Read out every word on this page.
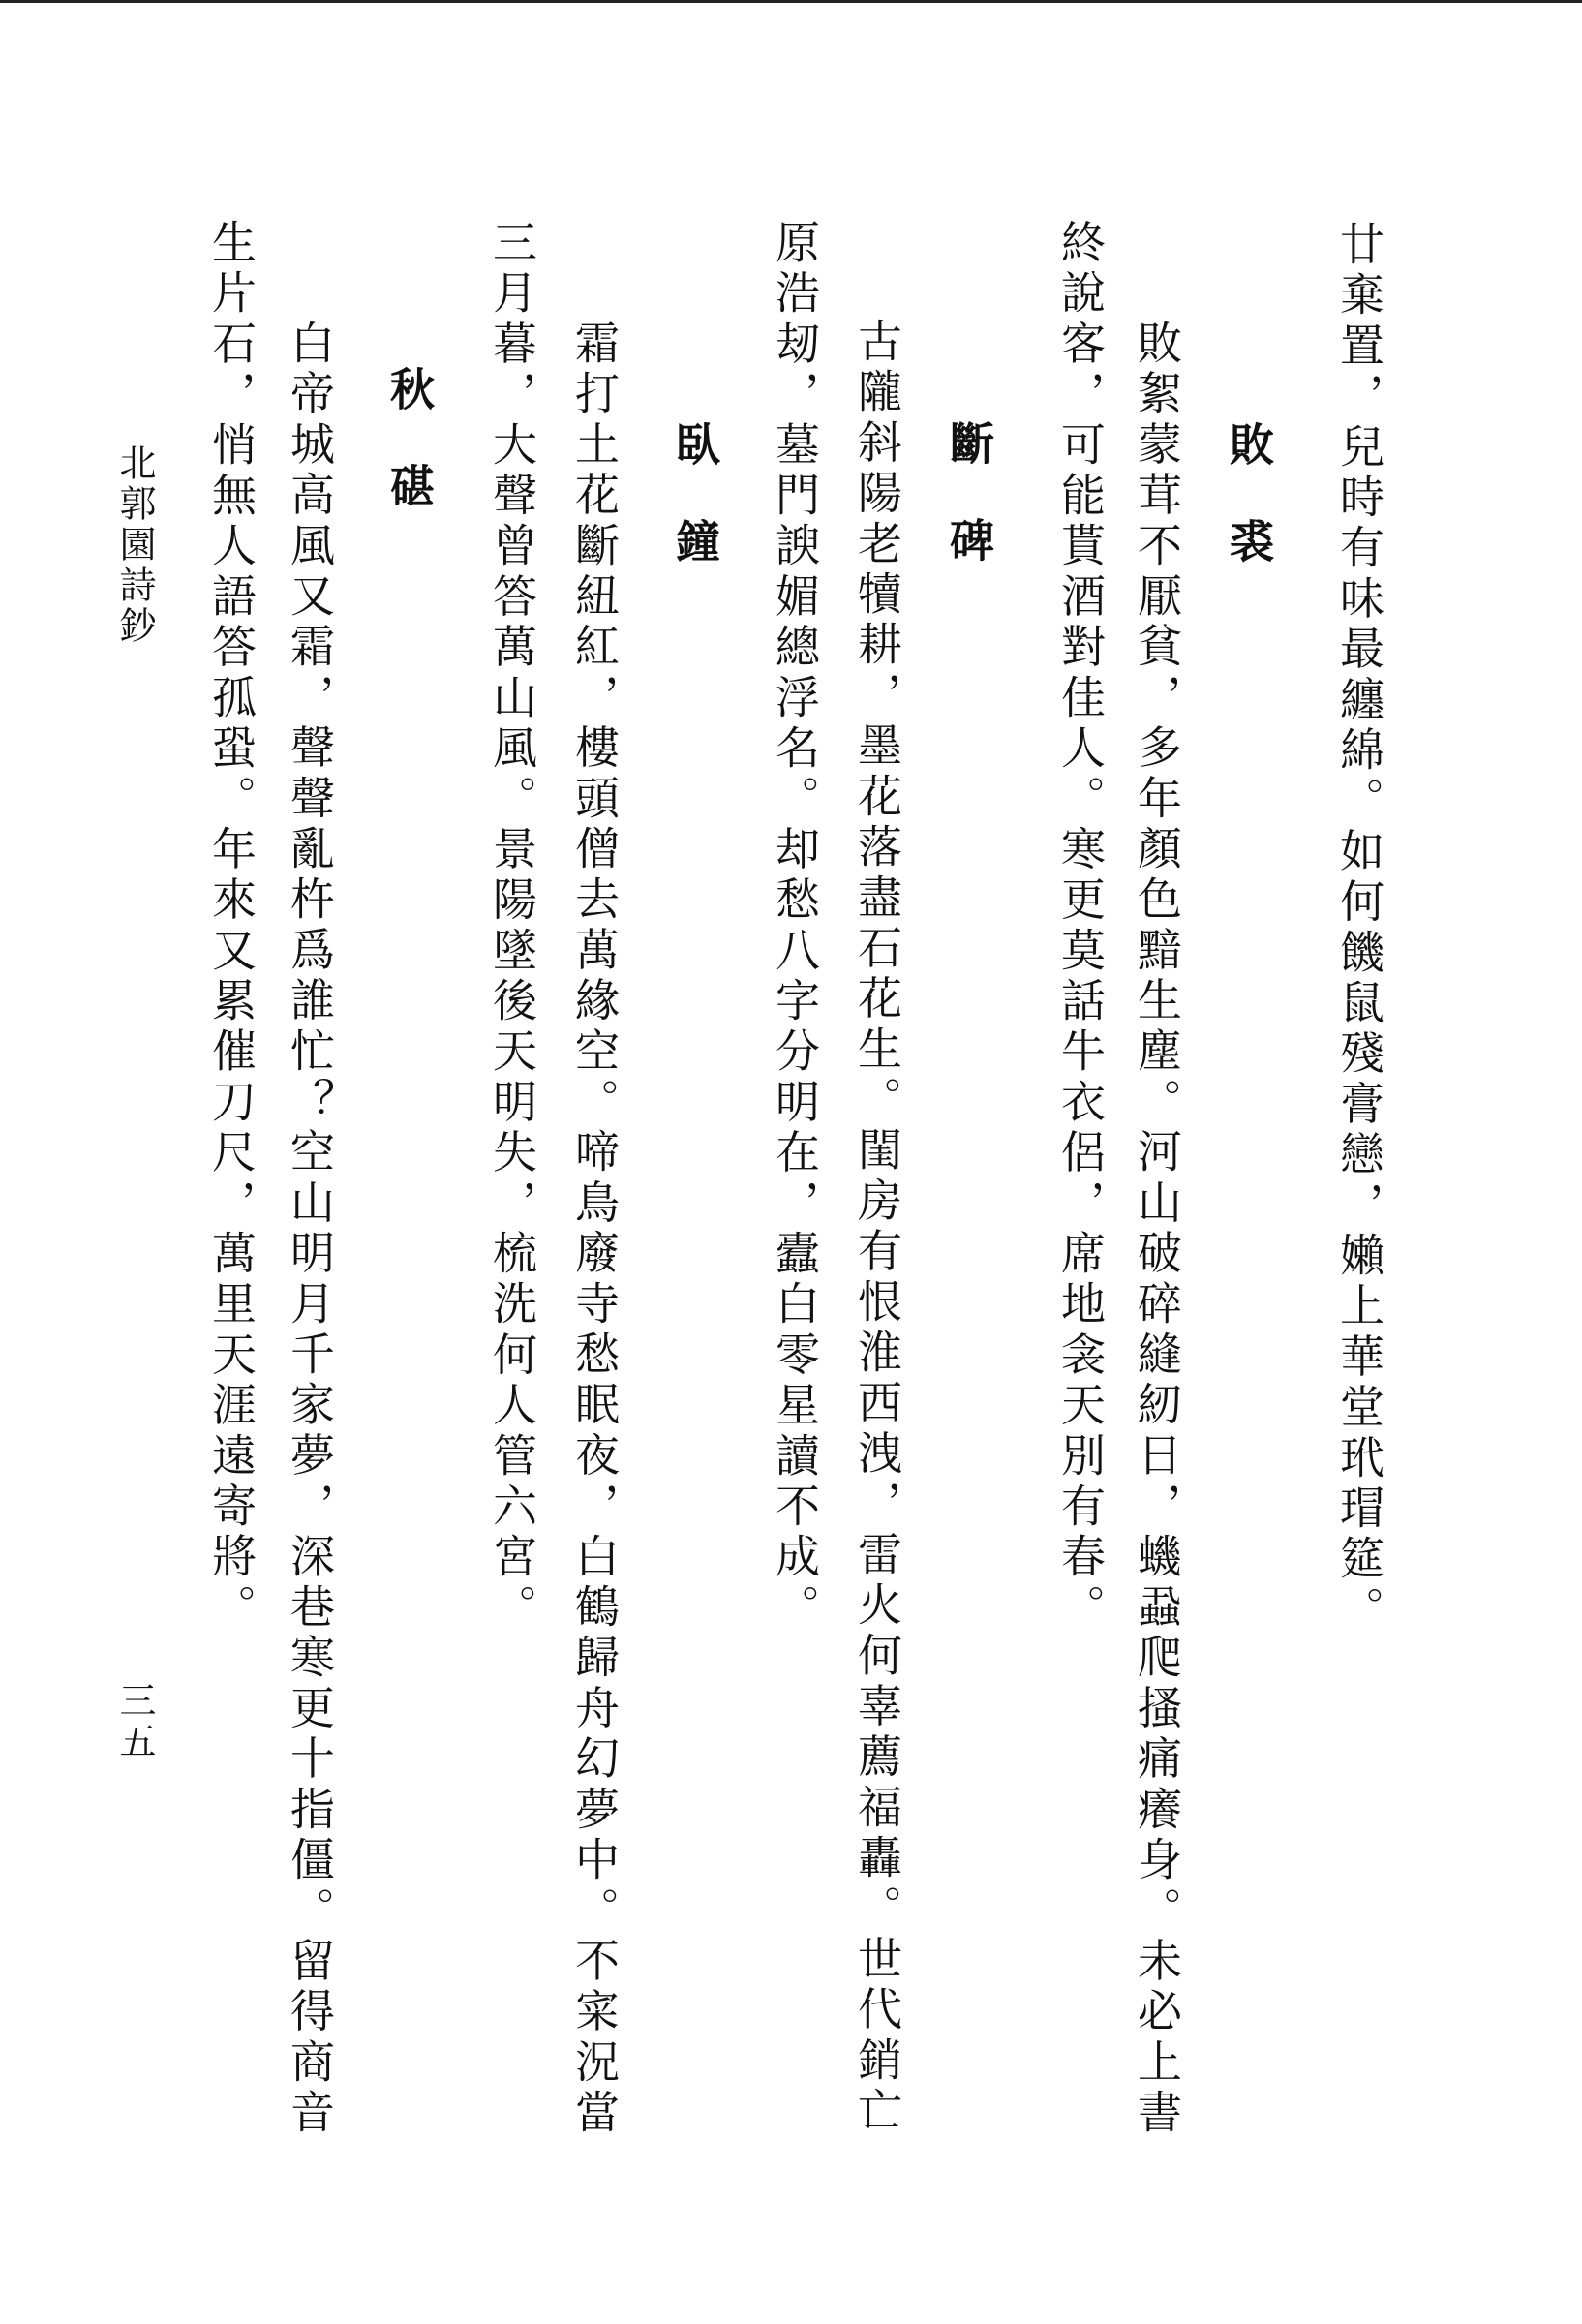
廿棄置，兒時有味最纏綿。如何饑鼠殘膏戀，嬾上華堂玳瑁筵。
敗裘
敗絮蒙茸不厭貧，多年顏色黯生塵。河山破碎縫紉日，蟣蝨爬搔痛癢身。未必上書
終說客，可能貰酒對佳人。寒更莫話牛衣侶，席地衾天別有春。
斷碑
古隴斜陽老犢耕，墨花落盡石花生。閨房有恨淮西洩，雷火何辜薦福轟。世代銷亡
原浩刼，墓門諛媚總浮名。却愁八字分明在，蠹白零星讀不成。
臥鐘
霜打土花斷紐紅，樓頭僧去萬緣空。啼鳥廢寺愁眠夜，白鶴歸舟幻夢中。不寀況當
三月暮，大聲曾答萬山風。景陽墜後天明失，梳洗何人管六宮。
秋碪
白帝城高風又霜，聲聲亂杵爲誰忙？空山明月千家夢，深巷寒更十指僵。留得商音
生片石，悄無人語答孤蛩。年來又累催刀尺，萬里天涯遠寄將。
北郭園詩鈔
三五
